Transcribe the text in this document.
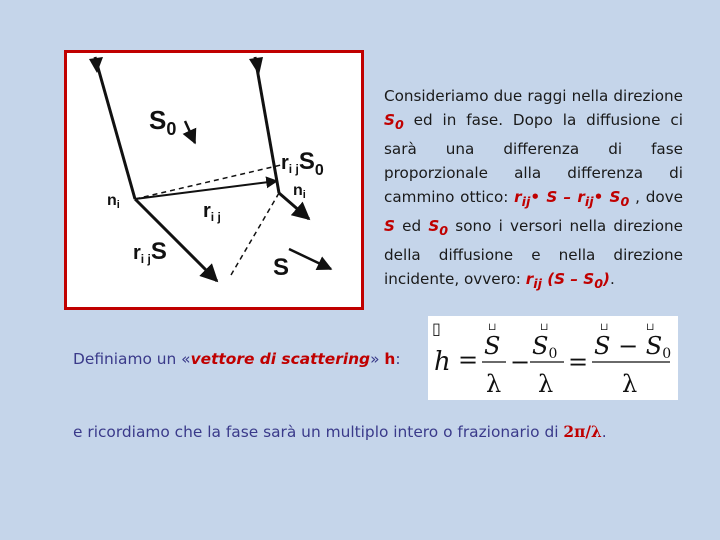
$S_0$
$r_{i j}S_0$
ni
ni
$r_{i j}$
$r_{i j}S$
S

Consideriamo due raggi nella direzione $S_0$ ed in fase. Dopo la diffusione ci sarà una differenza di fase proporzionale alla differenza di cammino ottico: $r_{ij}•$ S – $r_{ij}•$ $S_0$ , dove S ed $S_0$ sono i versori nella direzione della diffusione e nella direzione incidente, ovvero: $r_{ij}$ $(S - S_0)$.

Definiamo un «vettore di scattering» h:
▯
h = S
λ
−
S0
λ
=
S − S0
λ
⊔	⊔	⊔	⊔
e ricordiamo che la fase sarà un multiplo intero o frazionario di 2π/λ.
